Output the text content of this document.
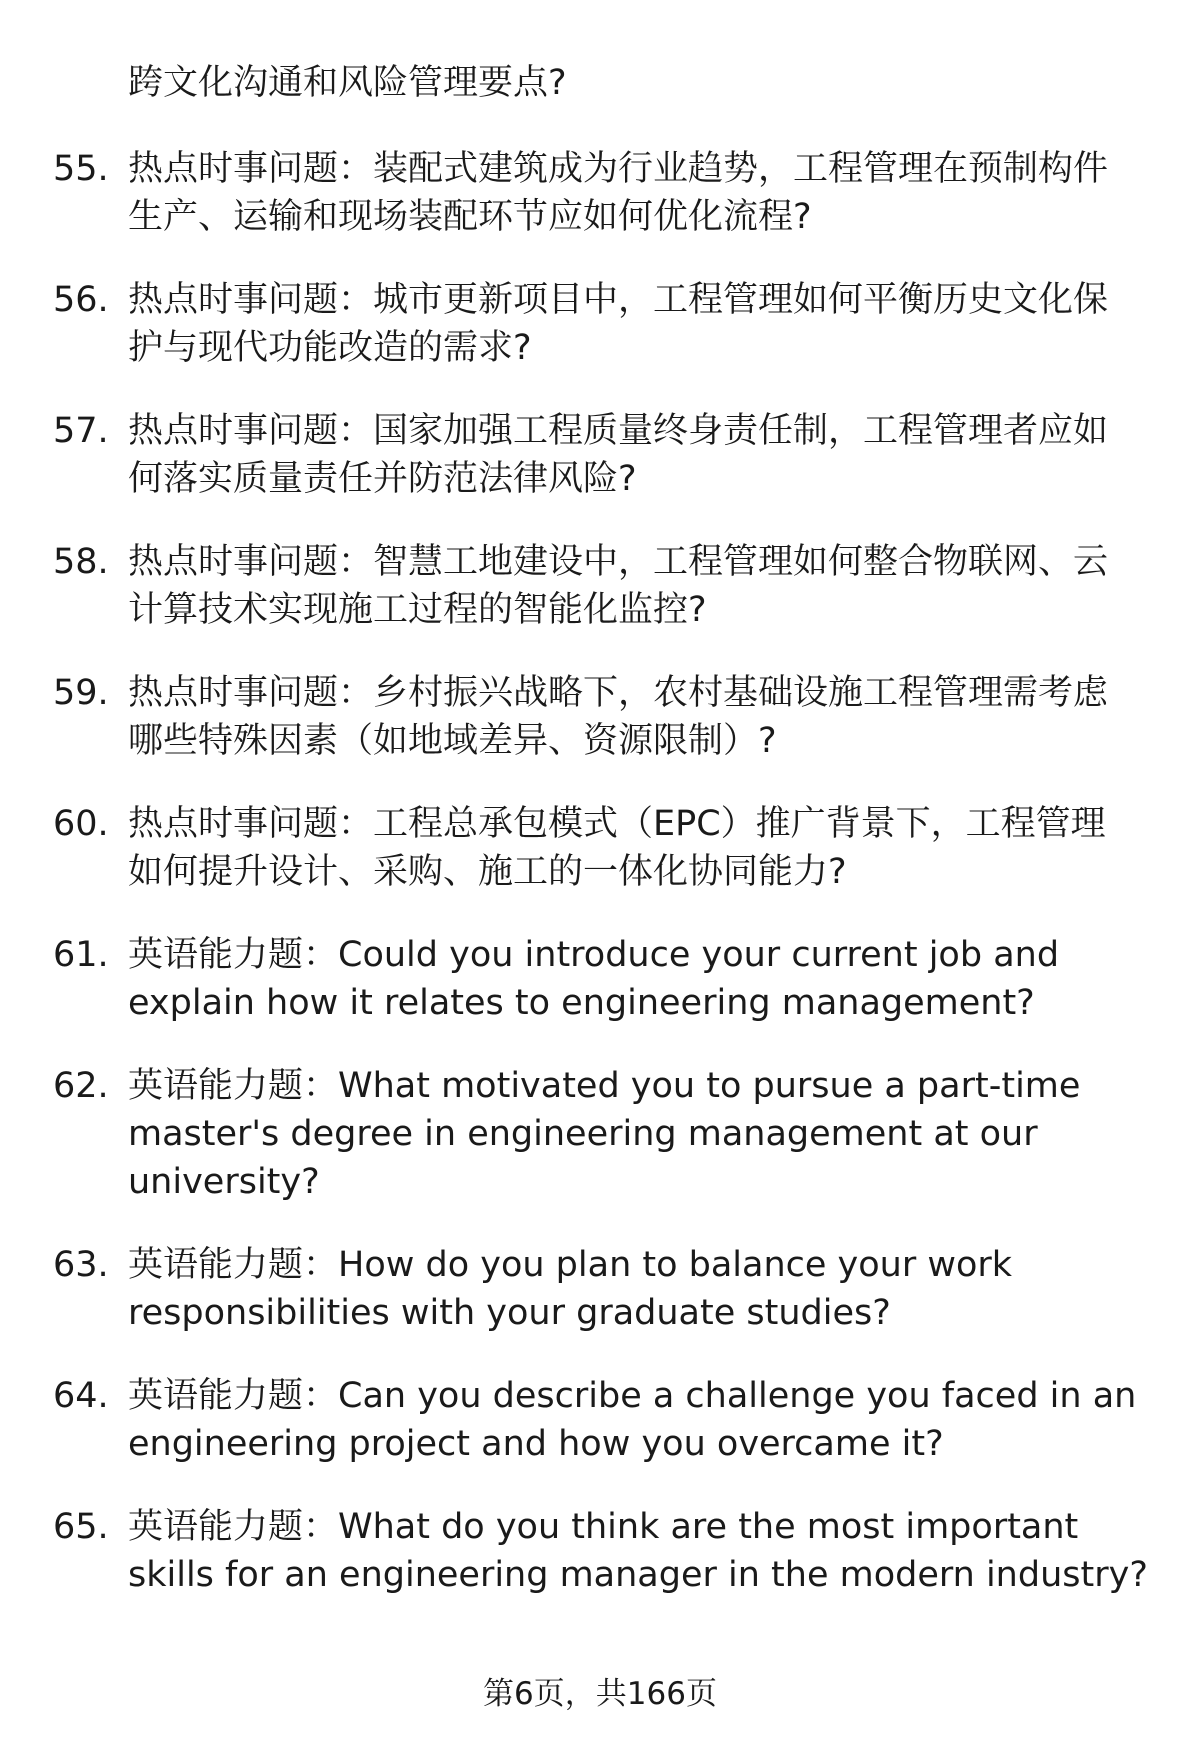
跨文化沟通和风险管理要点?
55. 热点时事问题：装配式建筑成为行业趋势，工程管理在预制构件
生产、运输和现场装配环节应如何优化流程?
56. 热点时事问题：城市更新项目中，工程管理如何平衡历史文化保
护与现代功能改造的需求?
57. 热点时事问题：国家加强工程质量终身责任制，工程管理者应如
何落实质量责任并防范法律风险?
58. 热点时事问题：智慧工地建设中，工程管理如何整合物联网、云
计算技术实现施工过程的智能化监控?
59. 热点时事问题：乡村振兴战略下，农村基础设施工程管理需考虑
哪些特殊因素（如地域差异、资源限制）?
60. 热点时事问题：工程总承包模式（EPC）推广背景下，工程管理
如何提升设计、采购、施工的一体化协同能力?
61. 英语能力题：Could you introduce your current job and
explain how it relates to engineering management?
62. 英语能力题：What motivated you to pursue a part-time
master's degree in engineering management at our
university?
63. 英语能力题：How do you plan to balance your work
responsibilities with your graduate studies?
64. 英语能力题：Can you describe a challenge you faced in an
engineering project and how you overcame it?
65. 英语能力题：What do you think are the most important
skills for an engineering manager in the modern industry?
第6页，共166页
